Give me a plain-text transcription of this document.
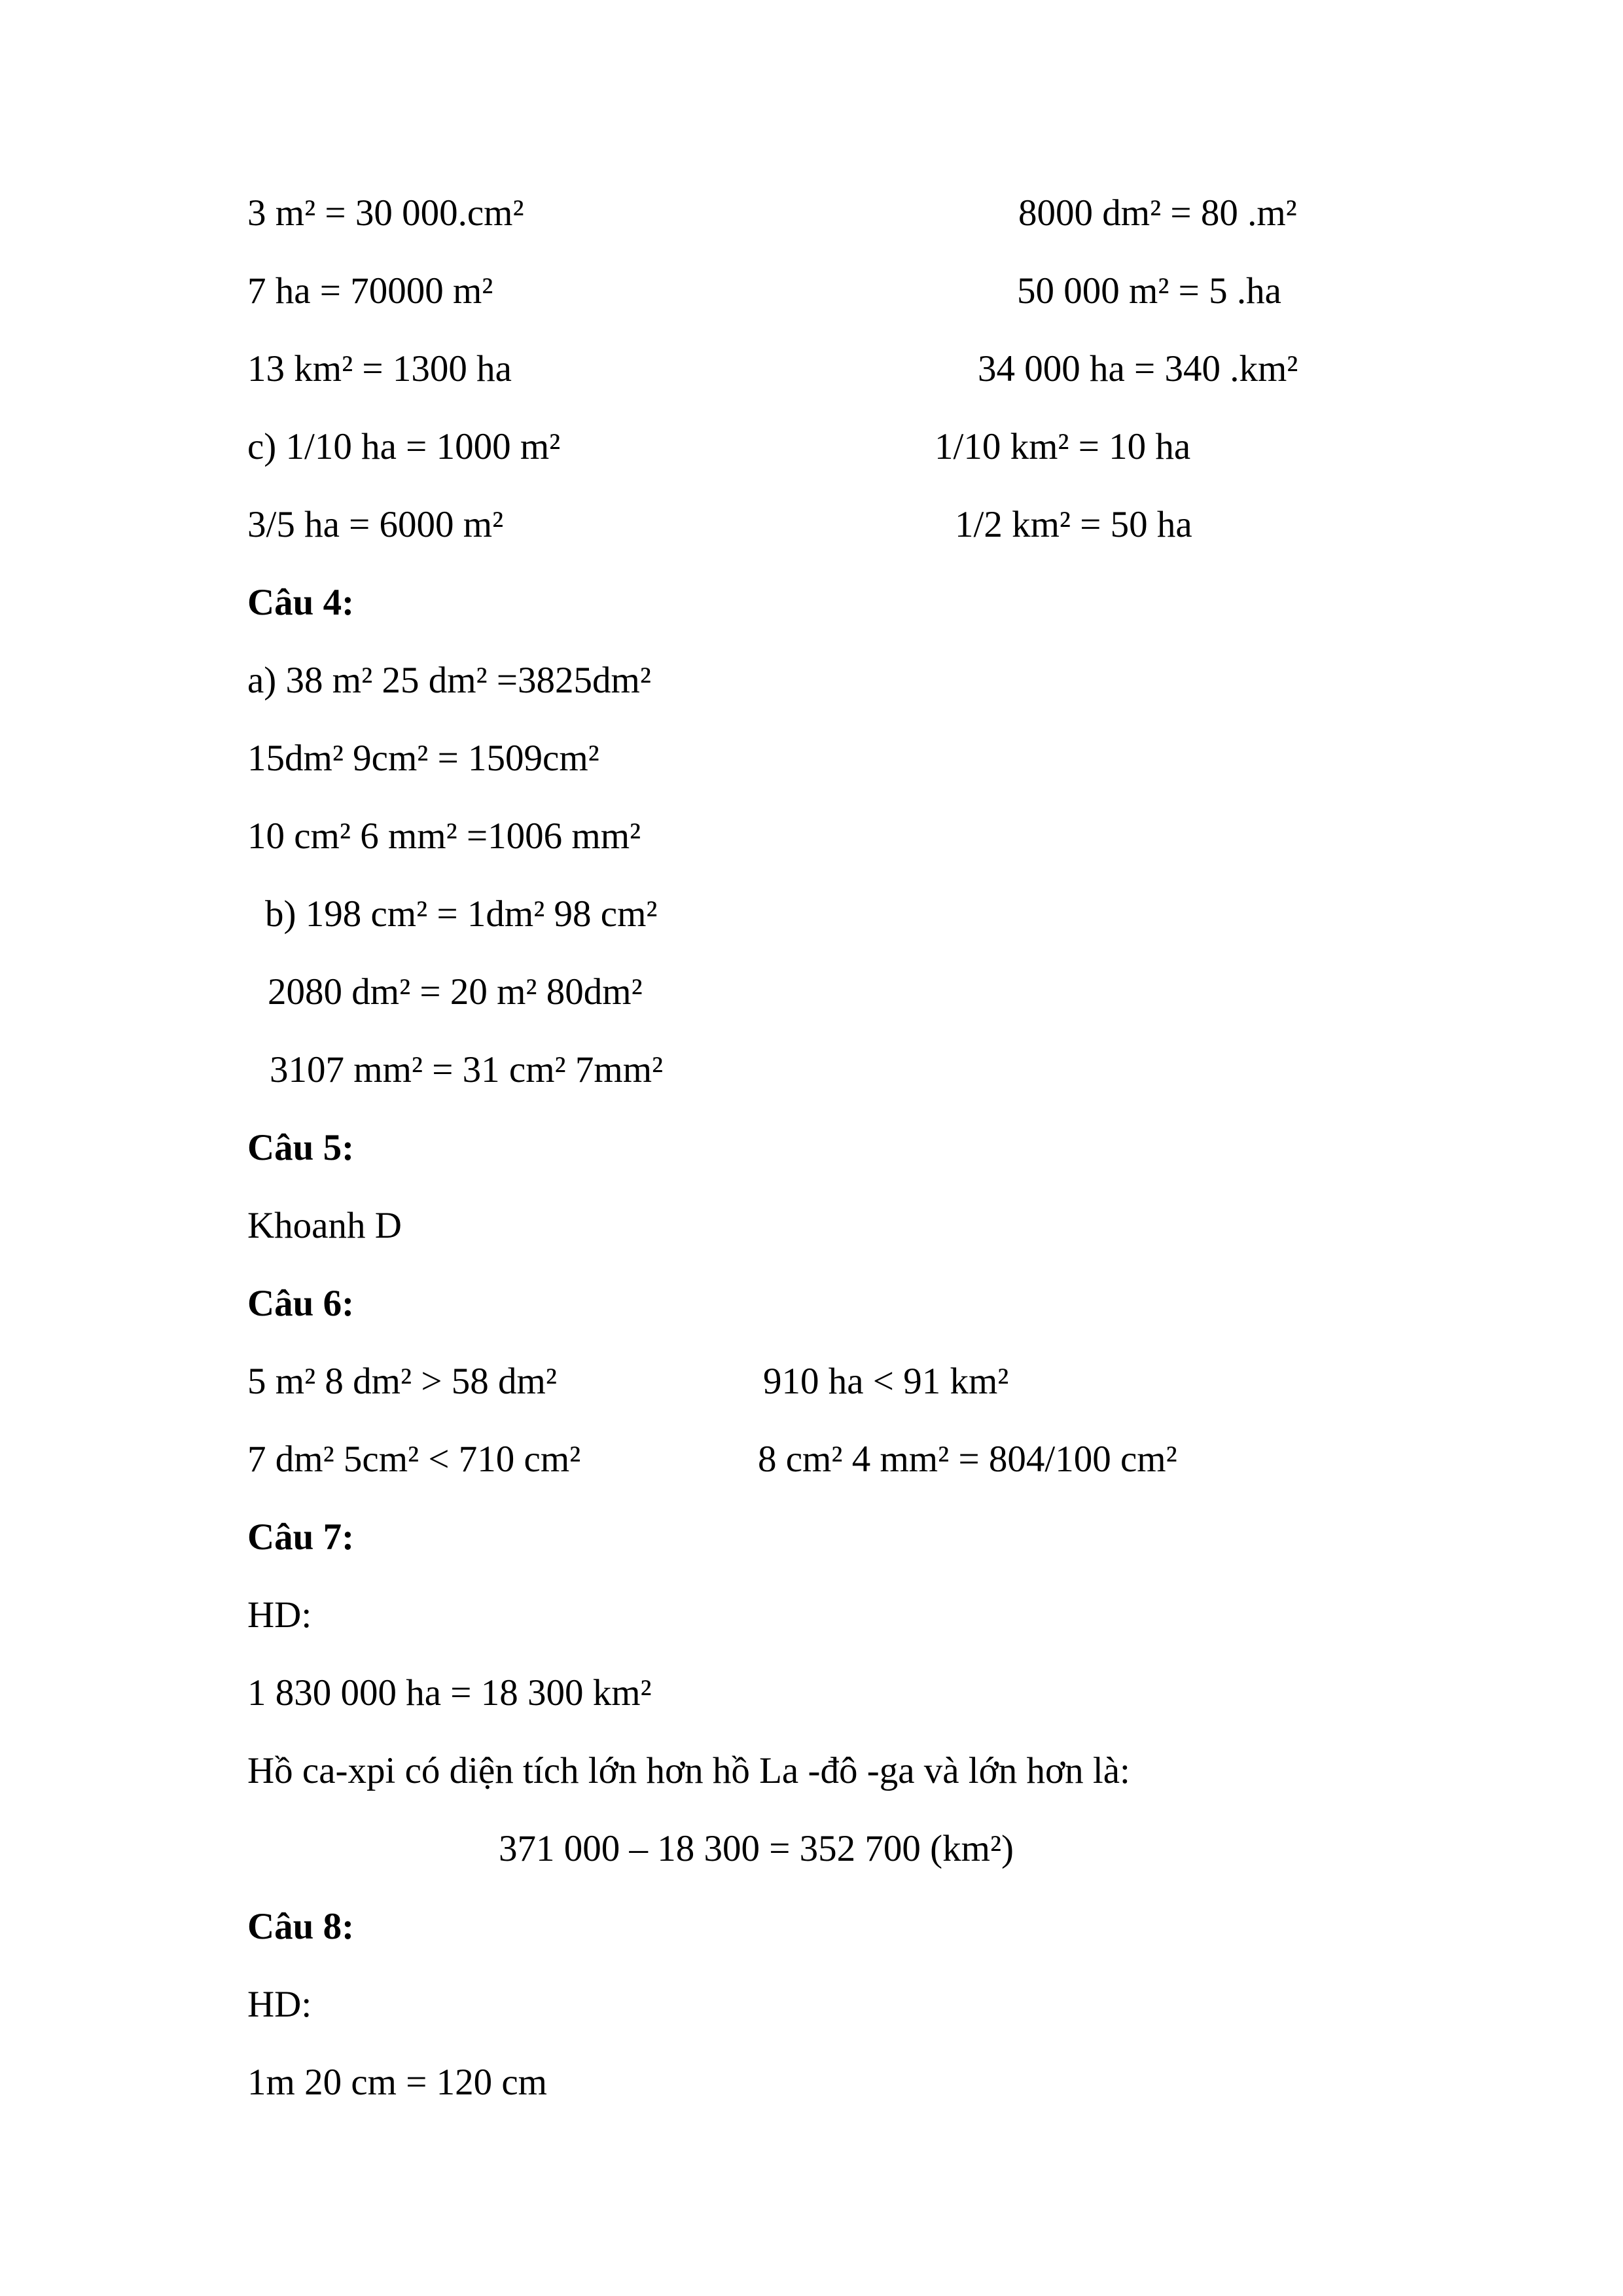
3 m² = 30 000.cm²	8000 dm² = 80 .m²
7 ha = 70000 m²	50 000 m² = 5 .ha
13 km² = 1300 ha	34 000 ha = 340 .km²
c) 1/10 ha = 1000 m²	1/10 km² = 10 ha
3/5 ha = 6000 m²	1/2 km² = 50 ha
Câu 4:
a) 38 m² 25 dm² =3825dm²
15dm² 9cm² = 1509cm²
10 cm² 6 mm² =1006 mm²
b) 198 cm² = 1dm² 98 cm²
2080 dm² = 20 m² 80dm²
3107 mm² = 31 cm² 7mm²
Câu 5:
Khoanh D
Câu 6:
5 m² 8 dm² > 58 dm²	910 ha < 91 km²
7 dm² 5cm² < 710 cm²	8 cm² 4 mm² = 804/100 cm²
Câu 7:
HD:
1 830 000 ha = 18 300 km²
Hồ ca-xpi có diện tích lớn hơn hồ La -đô -ga và lớn hơn là:
371 000 – 18 300 = 352 700 (km²)
Câu 8:
HD:
1m 20 cm = 120 cm
